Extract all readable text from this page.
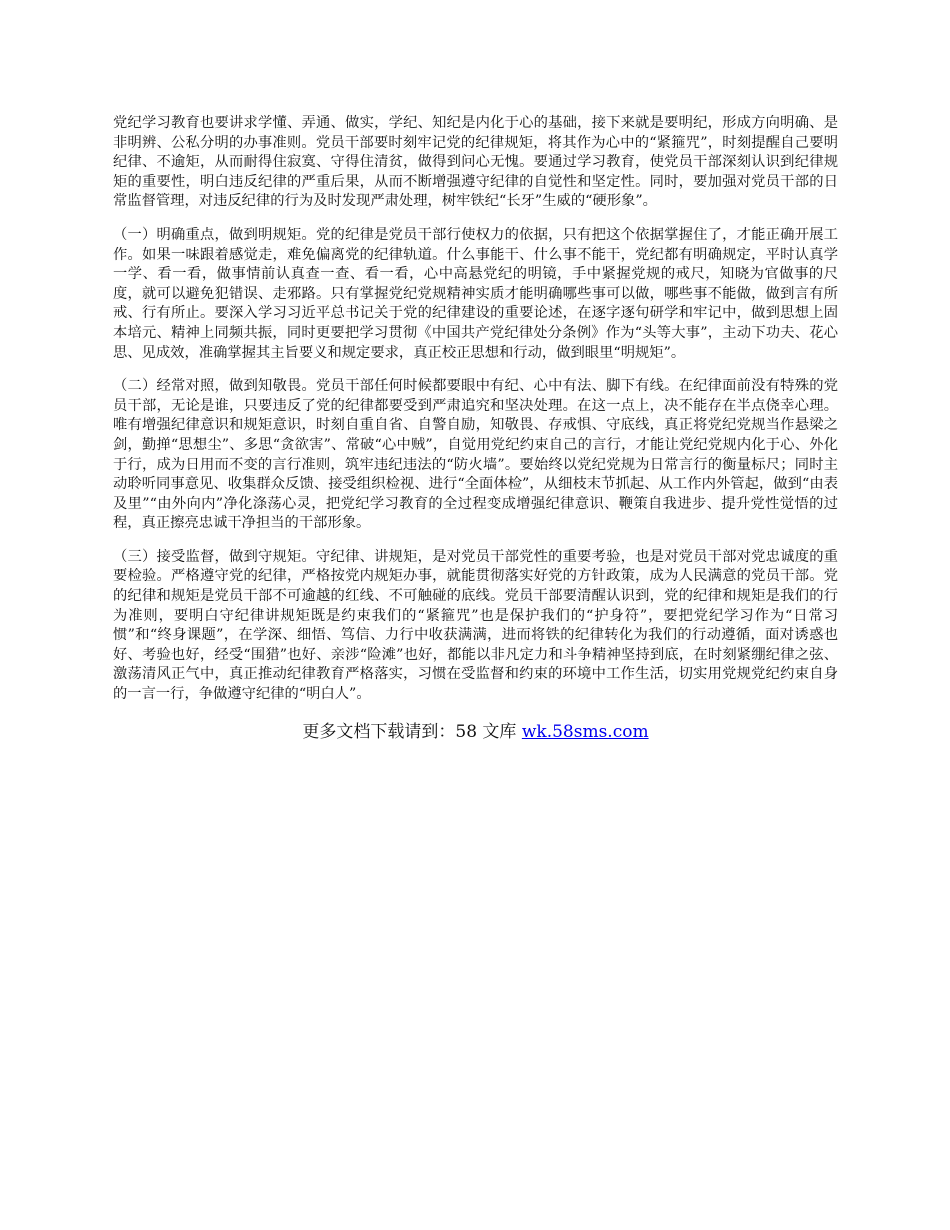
党纪学习教育也要讲求学懂、弄通、做实，学纪、知纪是内化于心的基础，接下来就是要明纪，形成方向明确、是非明辨、公私分明的办事准则。党员干部要时刻牢记党的纪律规矩，将其作为心中的“紧箍咒”，时刻提醒自己要明纪律、不逾矩，从而耐得住寂寞、守得住清贫，做得到问心无愧。要通过学习教育，使党员干部深刻认识到纪律规矩的重要性，明白违反纪律的严重后果，从而不断增强遵守纪律的自觉性和坚定性。同时，要加强对党员干部的日常监督管理，对违反纪律的行为及时发现严肃处理，树牢铁纪“长牙”生威的“硬形象”。

（一）明确重点，做到明规矩。党的纪律是党员干部行使权力的依据，只有把这个依据掌握住了，才能正确开展工作。如果一味跟着感觉走，难免偏离党的纪律轨道。什么事能干、什么事不能干，党纪都有明确规定，平时认真学一学、看一看，做事情前认真查一查、看一看，心中高悬党纪的明镜，手中紧握党规的戒尺，知晓为官做事的尺度，就可以避免犯错误、走邪路。只有掌握党纪党规精神实质才能明确哪些事可以做，哪些事不能做，做到言有所戒、行有所止。要深入学习习近平总书记关于党的纪律建设的重要论述，在逐字逐句研学和牢记中，做到思想上固本培元、精神上同频共振，同时更要把学习贯彻《中国共产党纪律处分条例》作为“头等大事”，主动下功夫、花心思、见成效，准确掌握其主旨要义和规定要求，真正校正思想和行动，做到眼里“明规矩”。

（二）经常对照，做到知敬畏。党员干部任何时候都要眼中有纪、心中有法、脚下有线。在纪律面前没有特殊的党员干部，无论是谁，只要违反了党的纪律都要受到严肃追究和坚决处理。在这一点上，决不能存在半点侥幸心理。唯有增强纪律意识和规矩意识，时刻自重自省、自警自励，知敬畏、存戒惧、守底线，真正将党纪党规当作悬梁之剑，勤掸“思想尘”、多思“贪欲害”、常破“心中贼”，自觉用党纪约束自己的言行，才能让党纪党规内化于心、外化于行，成为日用而不变的言行准则，筑牢违纪违法的“防火墙”。要始终以党纪党规为日常言行的衡量标尺；同时主动聆听同事意见、收集群众反馈、接受组织检视、进行“全面体检”，从细枝末节抓起、从工作内外管起，做到“由表及里”“由外向内”净化涤荡心灵，把党纪学习教育的全过程变成增强纪律意识、鞭策自我进步、提升党性觉悟的过程，真正擦亮忠诚干净担当的干部形象。

（三）接受监督，做到守规矩。守纪律、讲规矩，是对党员干部党性的重要考验，也是对党员干部对党忠诚度的重要检验。严格遵守党的纪律，严格按党内规矩办事，就能贯彻落实好党的方针政策，成为人民满意的党员干部。党的纪律和规矩是党员干部不可逾越的红线、不可触碰的底线。党员干部要清醒认识到，党的纪律和规矩是我们的行为准则，要明白守纪律讲规矩既是约束我们的“紧箍咒”也是保护我们的“护身符”，要把党纪学习作为“日常习惯”和“终身课题”，在学深、细悟、笃信、力行中收获满满，进而将铁的纪律转化为我们的行动遵循，面对诱惑也好、考验也好，经受“围猎”也好、亲涉“险滩”也好，都能以非凡定力和斗争精神坚持到底，在时刻紧绷纪律之弦、激荡清风正气中，真正推动纪律教育严格落实，习惯在受监督和约束的环境中工作生活，切实用党规党纪约束自身的一言一行，争做遵守纪律的“明白人”。

更多文档下载请到：58 文库 wk.58sms.com
